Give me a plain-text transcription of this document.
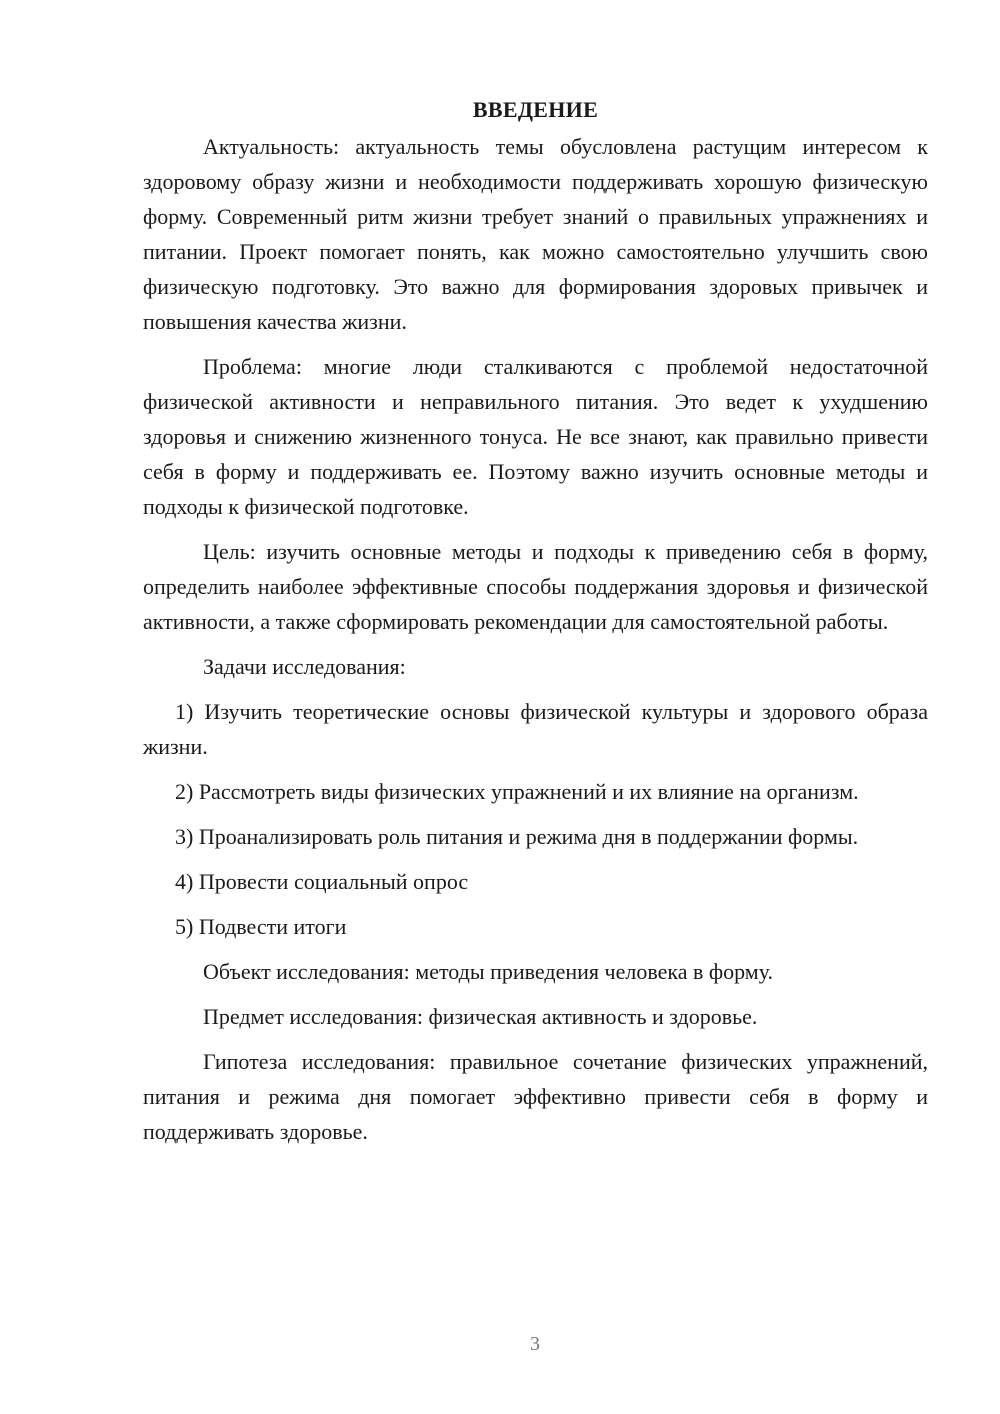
ВВЕДЕНИЕ

Актуальность: актуальность темы обусловлена растущим интересом к здоровому образу жизни и необходимости поддерживать хорошую физическую форму. Современный ритм жизни требует знаний о правильных упражнениях и питании. Проект помогает понять, как можно самостоятельно улучшить свою физическую подготовку. Это важно для формирования здоровых привычек и повышения качества жизни.

Проблема: многие люди сталкиваются с проблемой недостаточной физической активности и неправильного питания. Это ведет к ухудшению здоровья и снижению жизненного тонуса. Не все знают, как правильно привести себя в форму и поддерживать ее. Поэтому важно изучить основные методы и подходы к физической подготовке.

Цель: изучить основные методы и подходы к приведению себя в форму, определить наиболее эффективные способы поддержания здоровья и физической активности, а также сформировать рекомендации для самостоятельной работы.

Задачи исследования:

1) Изучить теоретические основы физической культуры и здорового образа жизни.

2) Рассмотреть виды физических упражнений и их влияние на организм.

3) Проанализировать роль питания и режима дня в поддержании формы.

4) Провести социальный опрос

5) Подвести итоги

Объект исследования: методы приведения человека в форму.

Предмет исследования: физическая активность и здоровье.

Гипотеза исследования: правильное сочетание физических упражнений, питания и режима дня помогает эффективно привести себя в форму и поддерживать здоровье.

3
